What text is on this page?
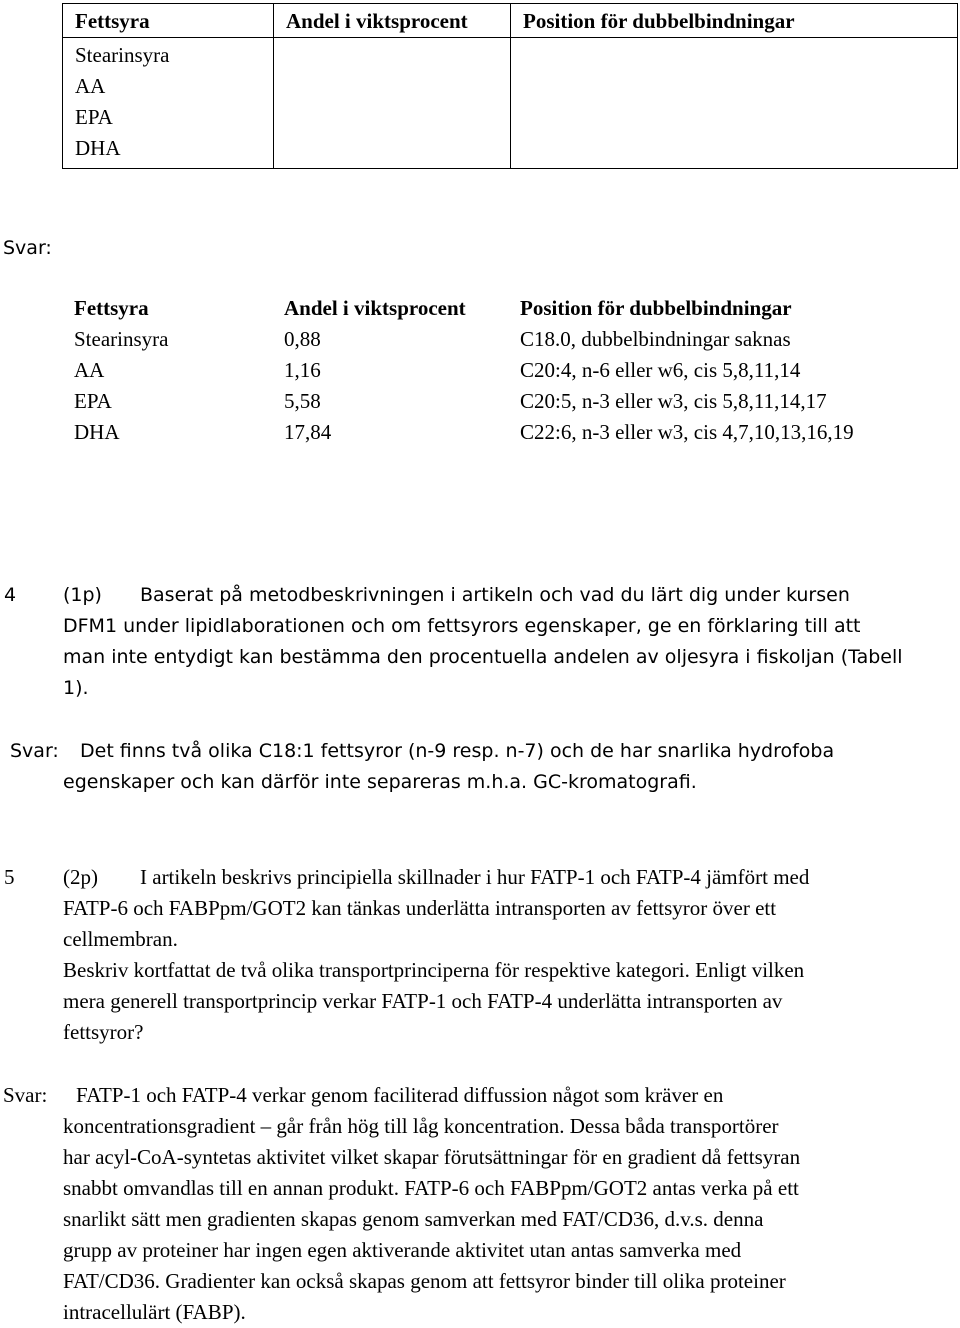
Fettsyra	Andel i viktsprocent	Position för dubbelbindningar

Stearinsyra
AA
EPA
DHA		

Svar:
Fettsyra	Andel i viktsprocent	Position för dubbelbindningar
Stearinsyra	0,88	C18.0, dubbelbindningar saknas
AA	1,16	C20:4, n-6 eller w6, cis 5,8,11,14
EPA	5,58	C20:5, n-3 eller w3, cis 5,8,11,14,17
DHA	17,84	C22:6, n-3 eller w3, cis 4,7,10,13,16,19
4 (1p) Baserat på metodbeskrivningen i artikeln och vad du lärt dig under kursen
DFM1 under lipidlaborationen och om fettsyrors egenskaper, ge en förklaring till att
man inte entydigt kan bestämma den procentuella andelen av oljesyra i fiskoljan (Tabell
1).
Svar: Det finns två olika C18:1 fettsyror (n-9 resp. n-7) och de har snarlika hydrofoba
egenskaper och kan därför inte separeras m.h.a. GC-kromatografi.
5 (2p) I artikeln beskrivs principiella skillnader i hur FATP-1 och FATP-4 jämfört med
FATP-6 och FABPpm/GOT2 kan tänkas underlätta intransporten av fettsyror över ett
cellmembran.
Beskriv kortfattat de två olika transportprinciperna för respektive kategori. Enligt vilken
mera generell transportprincip verkar FATP-1 och FATP-4 underlätta intransporten av
fettsyror?
Svar: FATP-1 och FATP-4 verkar genom faciliterad diffussion något som kräver en
koncentrationsgradient – går från hög till låg koncentration. Dessa båda transportörer
har acyl-CoA-syntetas aktivitet vilket skapar förutsättningar för en gradient då fettsyran
snabbt omvandlas till en annan produkt. FATP-6 och FABPpm/GOT2 antas verka på ett
snarlikt sätt men gradienten skapas genom samverkan med FAT/CD36, d.v.s. denna
grupp av proteiner har ingen egen aktiverande aktivitet utan antas samverka med
FAT/CD36. Gradienter kan också skapas genom att fettsyror binder till olika proteiner
intracellulärt (FABP).
